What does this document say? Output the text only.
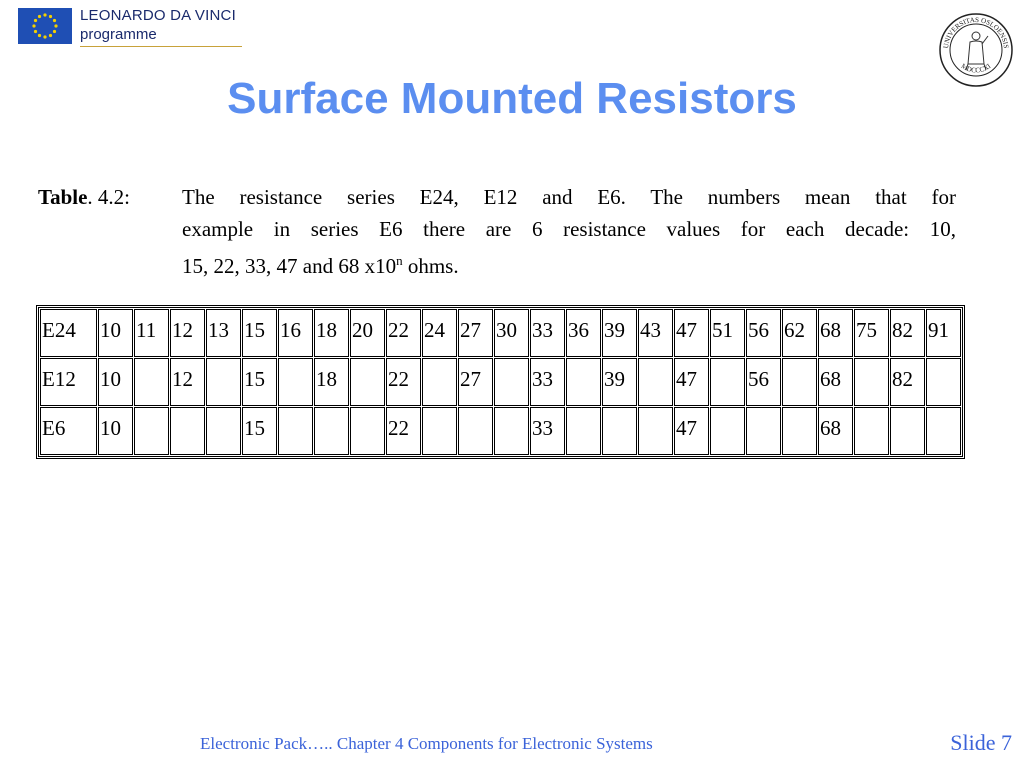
LEONARDO DA VINCI
programme
UNIVERSITAS OSLOENSIS
MDCCCXI
Surface Mounted Resistors
Table. 4.2: The resistance series E24, E12 and E6. The numbers mean that for
example in series E6 there are 6 resistance values for each decade: 10,
15, 22, 33, 47 and 68 x10$^n$ ohms.
E24	10	11	12	13	15	16	18	20	22	24	27	30	33	36	39	43	47	51	56	62	68	75	82	91
E12	10		12		15		18		22		27		33		39		47		56		68		82	
E6	10				15				22				33				47				68			
Electronic Pack….. Chapter 4 Components for Electronic Systems	Slide 7
